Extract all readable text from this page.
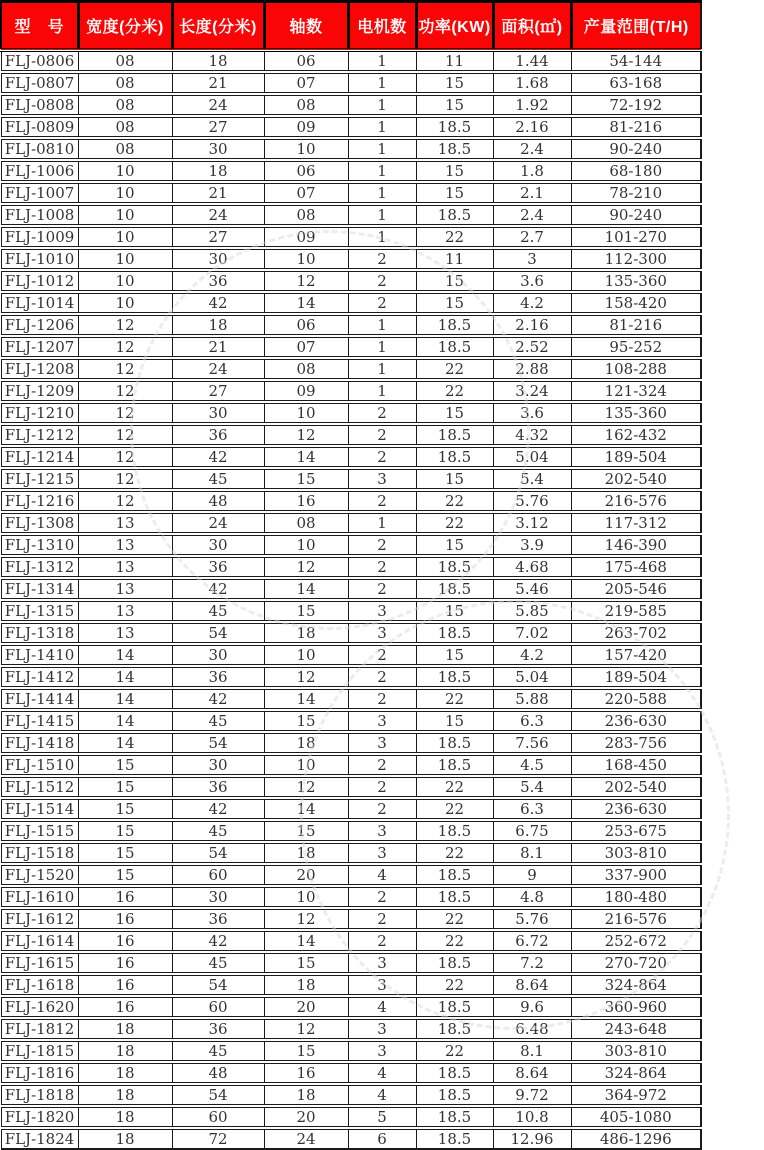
型　号	宽度(分米)	长度(分米)	轴数	电机数	功率(KW)	面积(㎡)	产量范围(T/H)
FLJ-0806	08	18	06	1	11	1.44	54-144
FLJ-0807	08	21	07	1	15	1.68	63-168
FLJ-0808	08	24	08	1	15	1.92	72-192
FLJ-0809	08	27	09	1	18.5	2.16	81-216
FLJ-0810	08	30	10	1	18.5	2.4	90-240
FLJ-1006	10	18	06	1	15	1.8	68-180
FLJ-1007	10	21	07	1	15	2.1	78-210
FLJ-1008	10	24	08	1	18.5	2.4	90-240
FLJ-1009	10	27	09	1	22	2.7	101-270
FLJ-1010	10	30	10	2	11	3	112-300
FLJ-1012	10	36	12	2	15	3.6	135-360
FLJ-1014	10	42	14	2	15	4.2	158-420
FLJ-1206	12	18	06	1	18.5	2.16	81-216
FLJ-1207	12	21	07	1	18.5	2.52	95-252
FLJ-1208	12	24	08	1	22	2.88	108-288
FLJ-1209	12	27	09	1	22	3.24	121-324
FLJ-1210	12	30	10	2	15	3.6	135-360
FLJ-1212	12	36	12	2	18.5	4.32	162-432
FLJ-1214	12	42	14	2	18.5	5.04	189-504
FLJ-1215	12	45	15	3	15	5.4	202-540
FLJ-1216	12	48	16	2	22	5.76	216-576
FLJ-1308	13	24	08	1	22	3.12	117-312
FLJ-1310	13	30	10	2	15	3.9	146-390
FLJ-1312	13	36	12	2	18.5	4.68	175-468
FLJ-1314	13	42	14	2	18.5	5.46	205-546
FLJ-1315	13	45	15	3	15	5.85	219-585
FLJ-1318	13	54	18	3	18.5	7.02	263-702
FLJ-1410	14	30	10	2	15	4.2	157-420
FLJ-1412	14	36	12	2	18.5	5.04	189-504
FLJ-1414	14	42	14	2	22	5.88	220-588
FLJ-1415	14	45	15	3	15	6.3	236-630
FLJ-1418	14	54	18	3	18.5	7.56	283-756
FLJ-1510	15	30	10	2	18.5	4.5	168-450
FLJ-1512	15	36	12	2	22	5.4	202-540
FLJ-1514	15	42	14	2	22	6.3	236-630
FLJ-1515	15	45	15	3	18.5	6.75	253-675
FLJ-1518	15	54	18	3	22	8.1	303-810
FLJ-1520	15	60	20	4	18.5	9	337-900
FLJ-1610	16	30	10	2	18.5	4.8	180-480
FLJ-1612	16	36	12	2	22	5.76	216-576
FLJ-1614	16	42	14	2	22	6.72	252-672
FLJ-1615	16	45	15	3	18.5	7.2	270-720
FLJ-1618	16	54	18	3	22	8.64	324-864
FLJ-1620	16	60	20	4	18.5	9.6	360-960
FLJ-1812	18	36	12	3	18.5	6.48	243-648
FLJ-1815	18	45	15	3	22	8.1	303-810
FLJ-1816	18	48	16	4	18.5	8.64	324-864
FLJ-1818	18	54	18	4	18.5	9.72	364-972
FLJ-1820	18	60	20	5	18.5	10.8	405-1080
FLJ-1824	18	72	24	6	18.5	12.96	486-1296
